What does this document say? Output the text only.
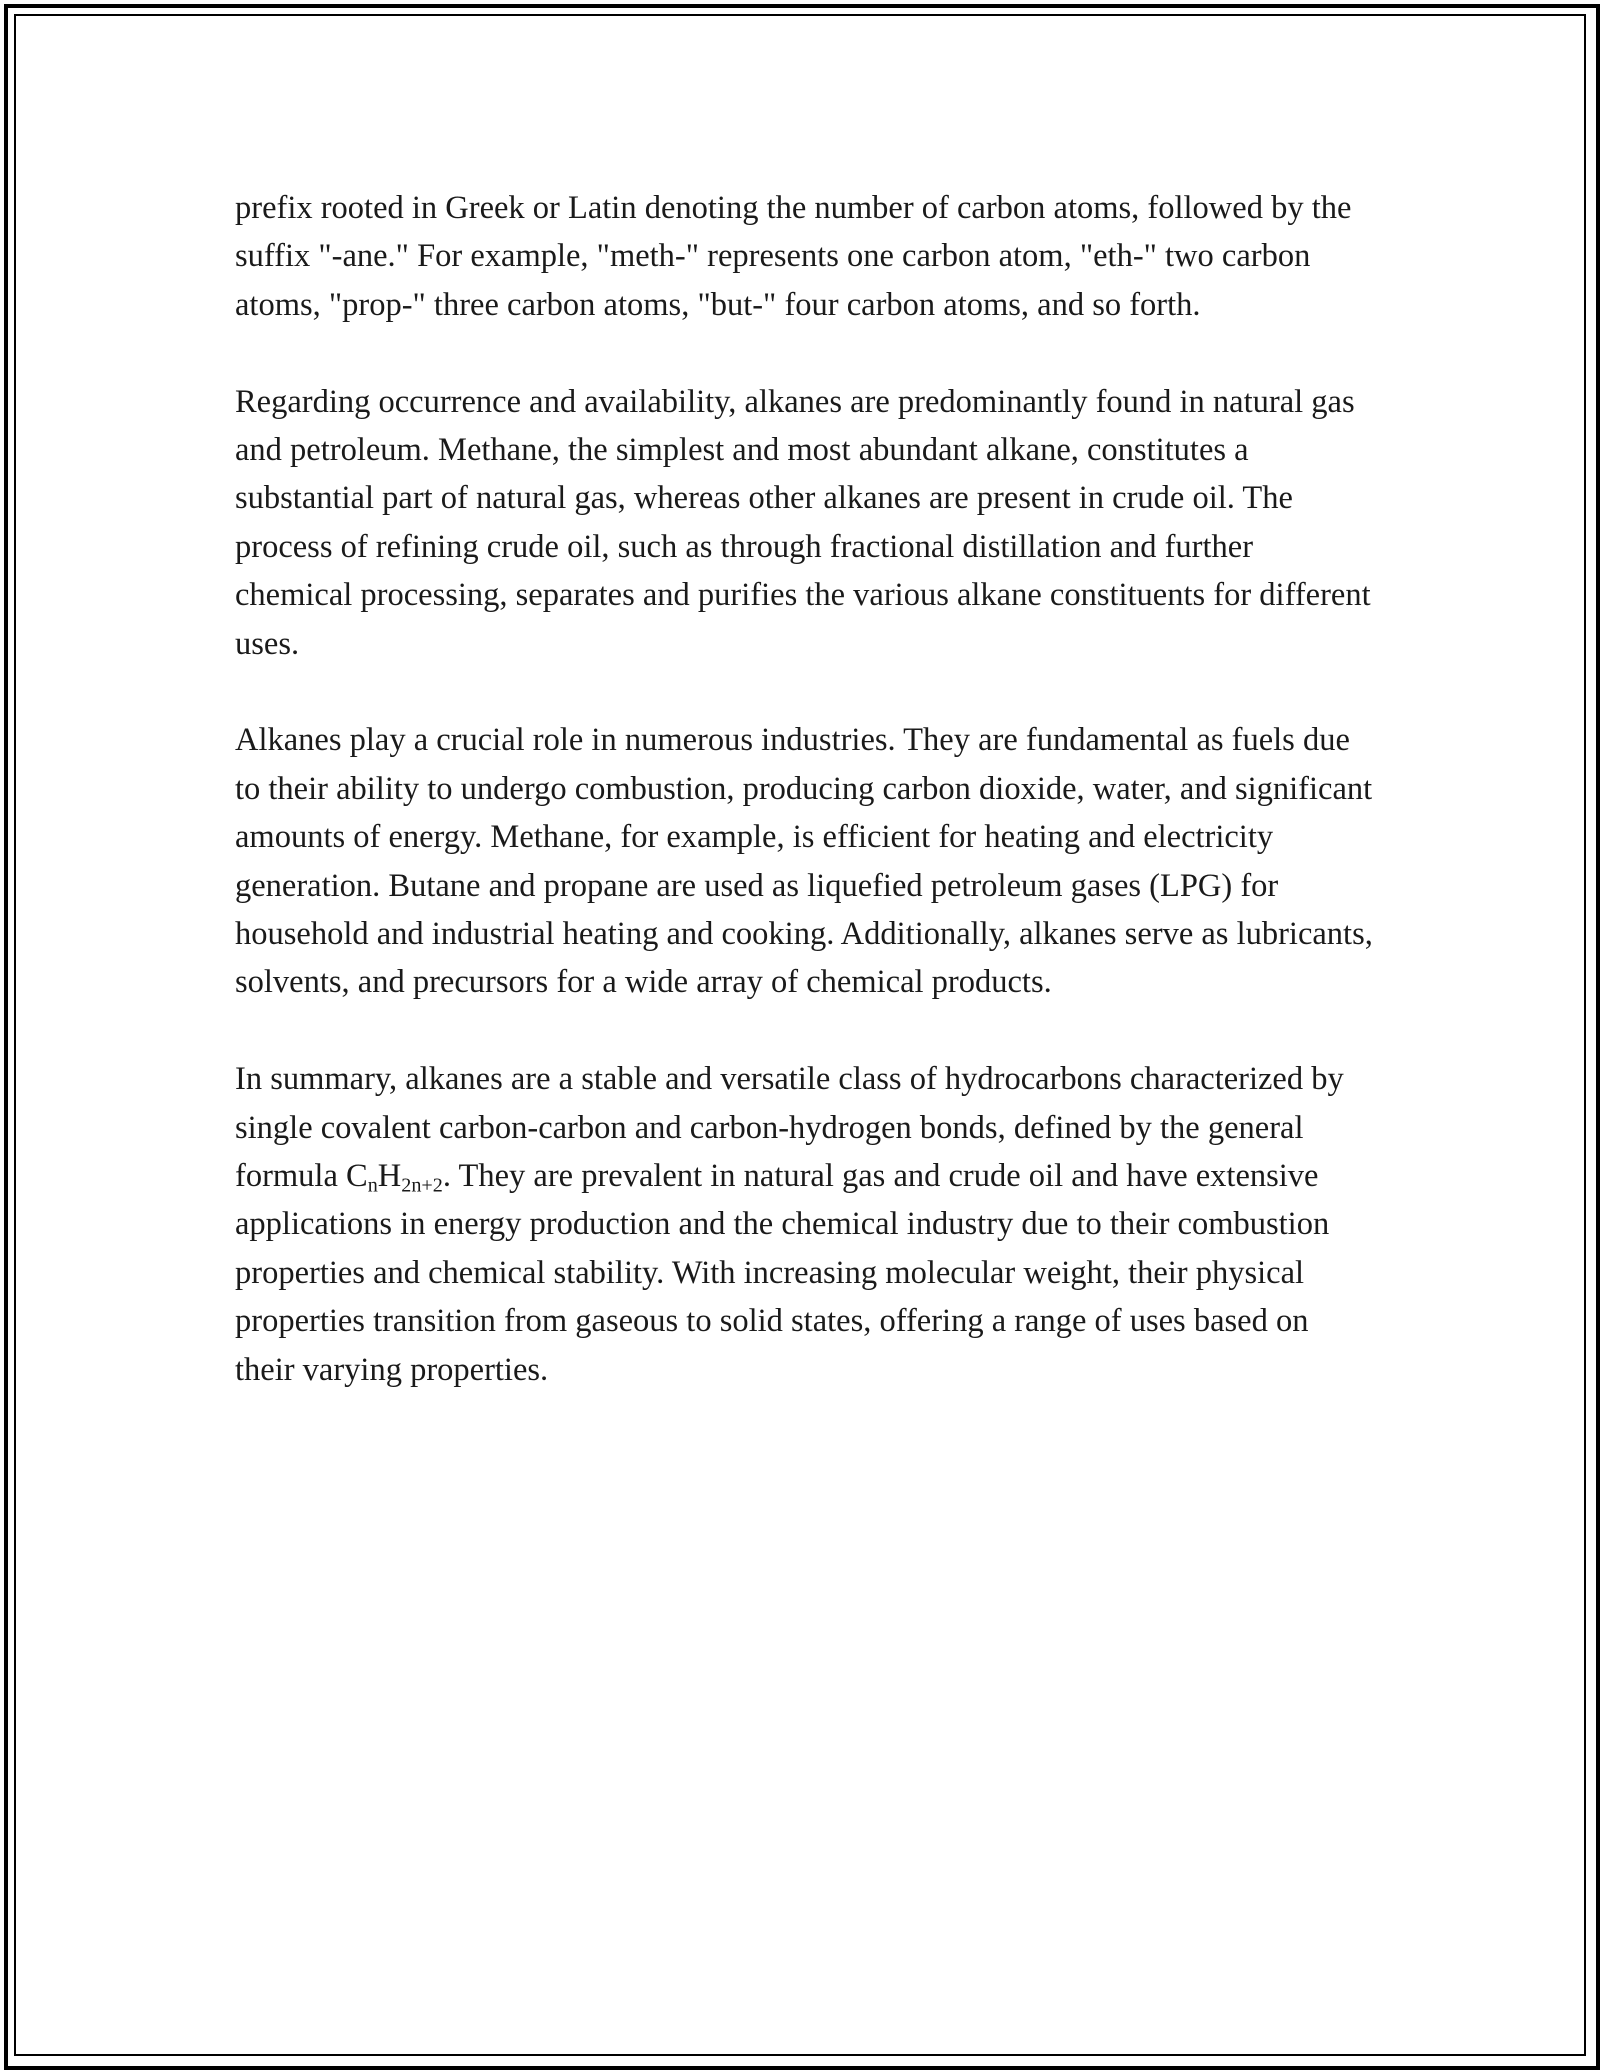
prefix rooted in Greek or Latin denoting the number of carbon atoms, followed by the suffix "-ane." For example, "meth-" represents one carbon atom, "eth-" two carbon atoms, "prop-" three carbon atoms, "but-" four carbon atoms, and so forth.

Regarding occurrence and availability, alkanes are predominantly found in natural gas and petroleum. Methane, the simplest and most abundant alkane, constitutes a substantial part of natural gas, whereas other alkanes are present in crude oil. The process of refining crude oil, such as through fractional distillation and further chemical processing, separates and purifies the various alkane constituents for different uses.

Alkanes play a crucial role in numerous industries. They are fundamental as fuels due to their ability to undergo combustion, producing carbon dioxide, water, and significant amounts of energy. Methane, for example, is efficient for heating and electricity generation. Butane and propane are used as liquefied petroleum gases (LPG) for household and industrial heating and cooking. Additionally, alkanes serve as lubricants, solvents, and precursors for a wide array of chemical products.

In summary, alkanes are a stable and versatile class of hydrocarbons characterized by single covalent carbon-carbon and carbon-hydrogen bonds, defined by the general formula $C_nH_{2n+2}$. They are prevalent in natural gas and crude oil and have extensive applications in energy production and the chemical industry due to their combustion properties and chemical stability. With increasing molecular weight, their physical properties transition from gaseous to solid states, offering a range of uses based on their varying properties.
